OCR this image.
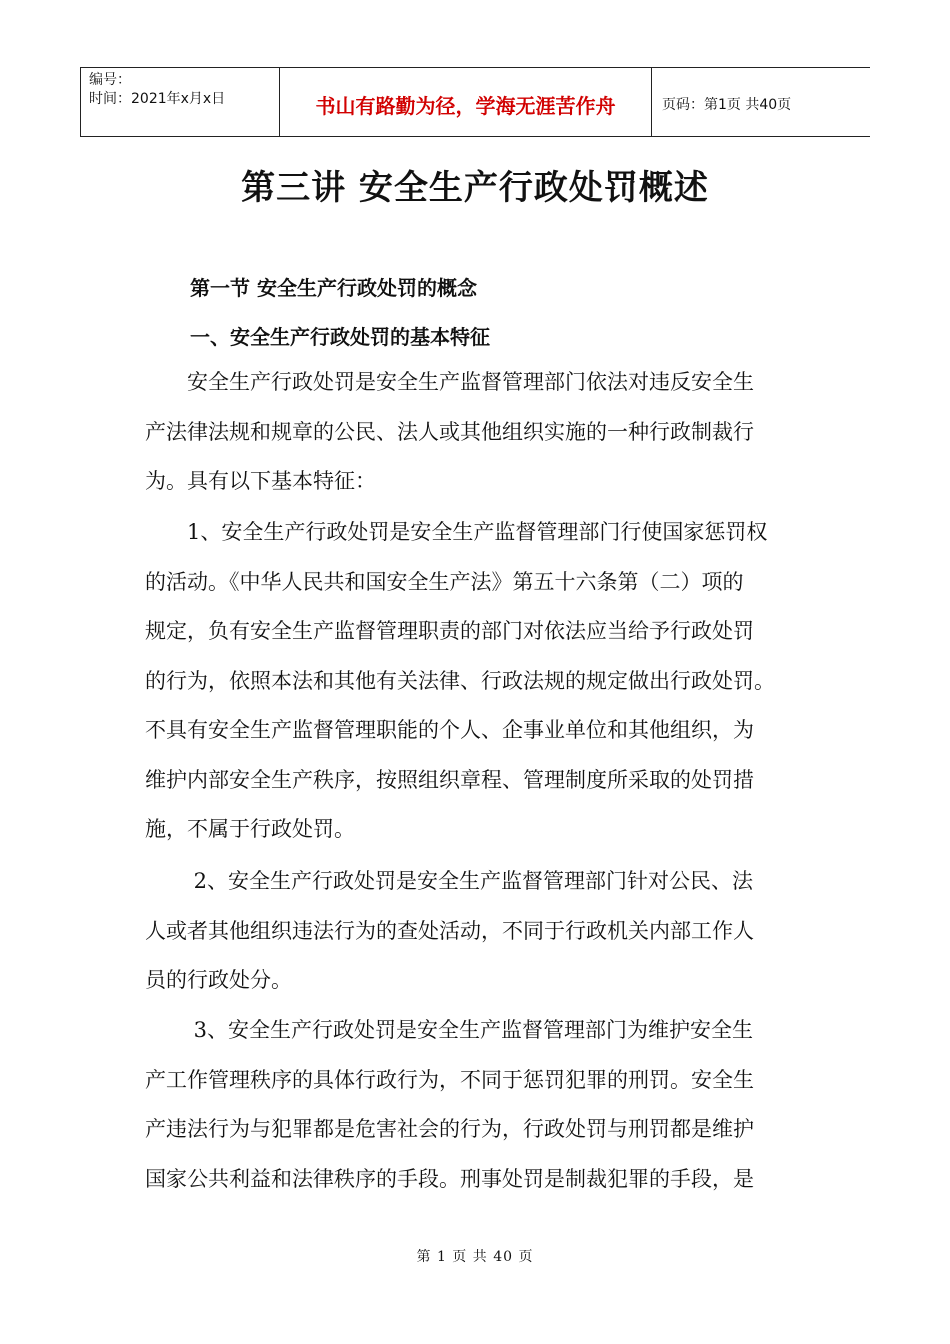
编号：
时间：2021年x月x日	书山有路勤为径，学海无涯苦作舟	页码：第1页 共40页
第三讲 安全生产行政处罚概述
第一节 安全生产行政处罚的概念
一、安全生产行政处罚的基本特征
　　安全生产行政处罚是安全生产监督管理部门依法对违反安全生
产法律法规和规章的公民、法人或其他组织实施的一种行政制裁行
为。具有以下基本特征：
　　1、安全生产行政处罚是安全生产监督管理部门行使国家惩罚权
的活动。《中华人民共和国安全生产法》第五十六条第（二）项的
规定，负有安全生产监督管理职责的部门对依法应当给予行政处罚
的行为，依照本法和其他有关法律、行政法规的规定做出行政处罚。
不具有安全生产监督管理职能的个人、企事业单位和其他组织，为
维护内部安全生产秩序，按照组织章程、管理制度所采取的处罚措
施，不属于行政处罚。
　　 2、安全生产行政处罚是安全生产监督管理部门针对公民、法
人或者其他组织违法行为的查处活动，不同于行政机关内部工作人
员的行政处分。
　　 3、安全生产行政处罚是安全生产监督管理部门为维护安全生
产工作管理秩序的具体行政行为，不同于惩罚犯罪的刑罚。安全生
产违法行为与犯罪都是危害社会的行为，行政处罚与刑罚都是维护
国家公共利益和法律秩序的手段。刑事处罚是制裁犯罪的手段，是
第 1 页 共 40 页
